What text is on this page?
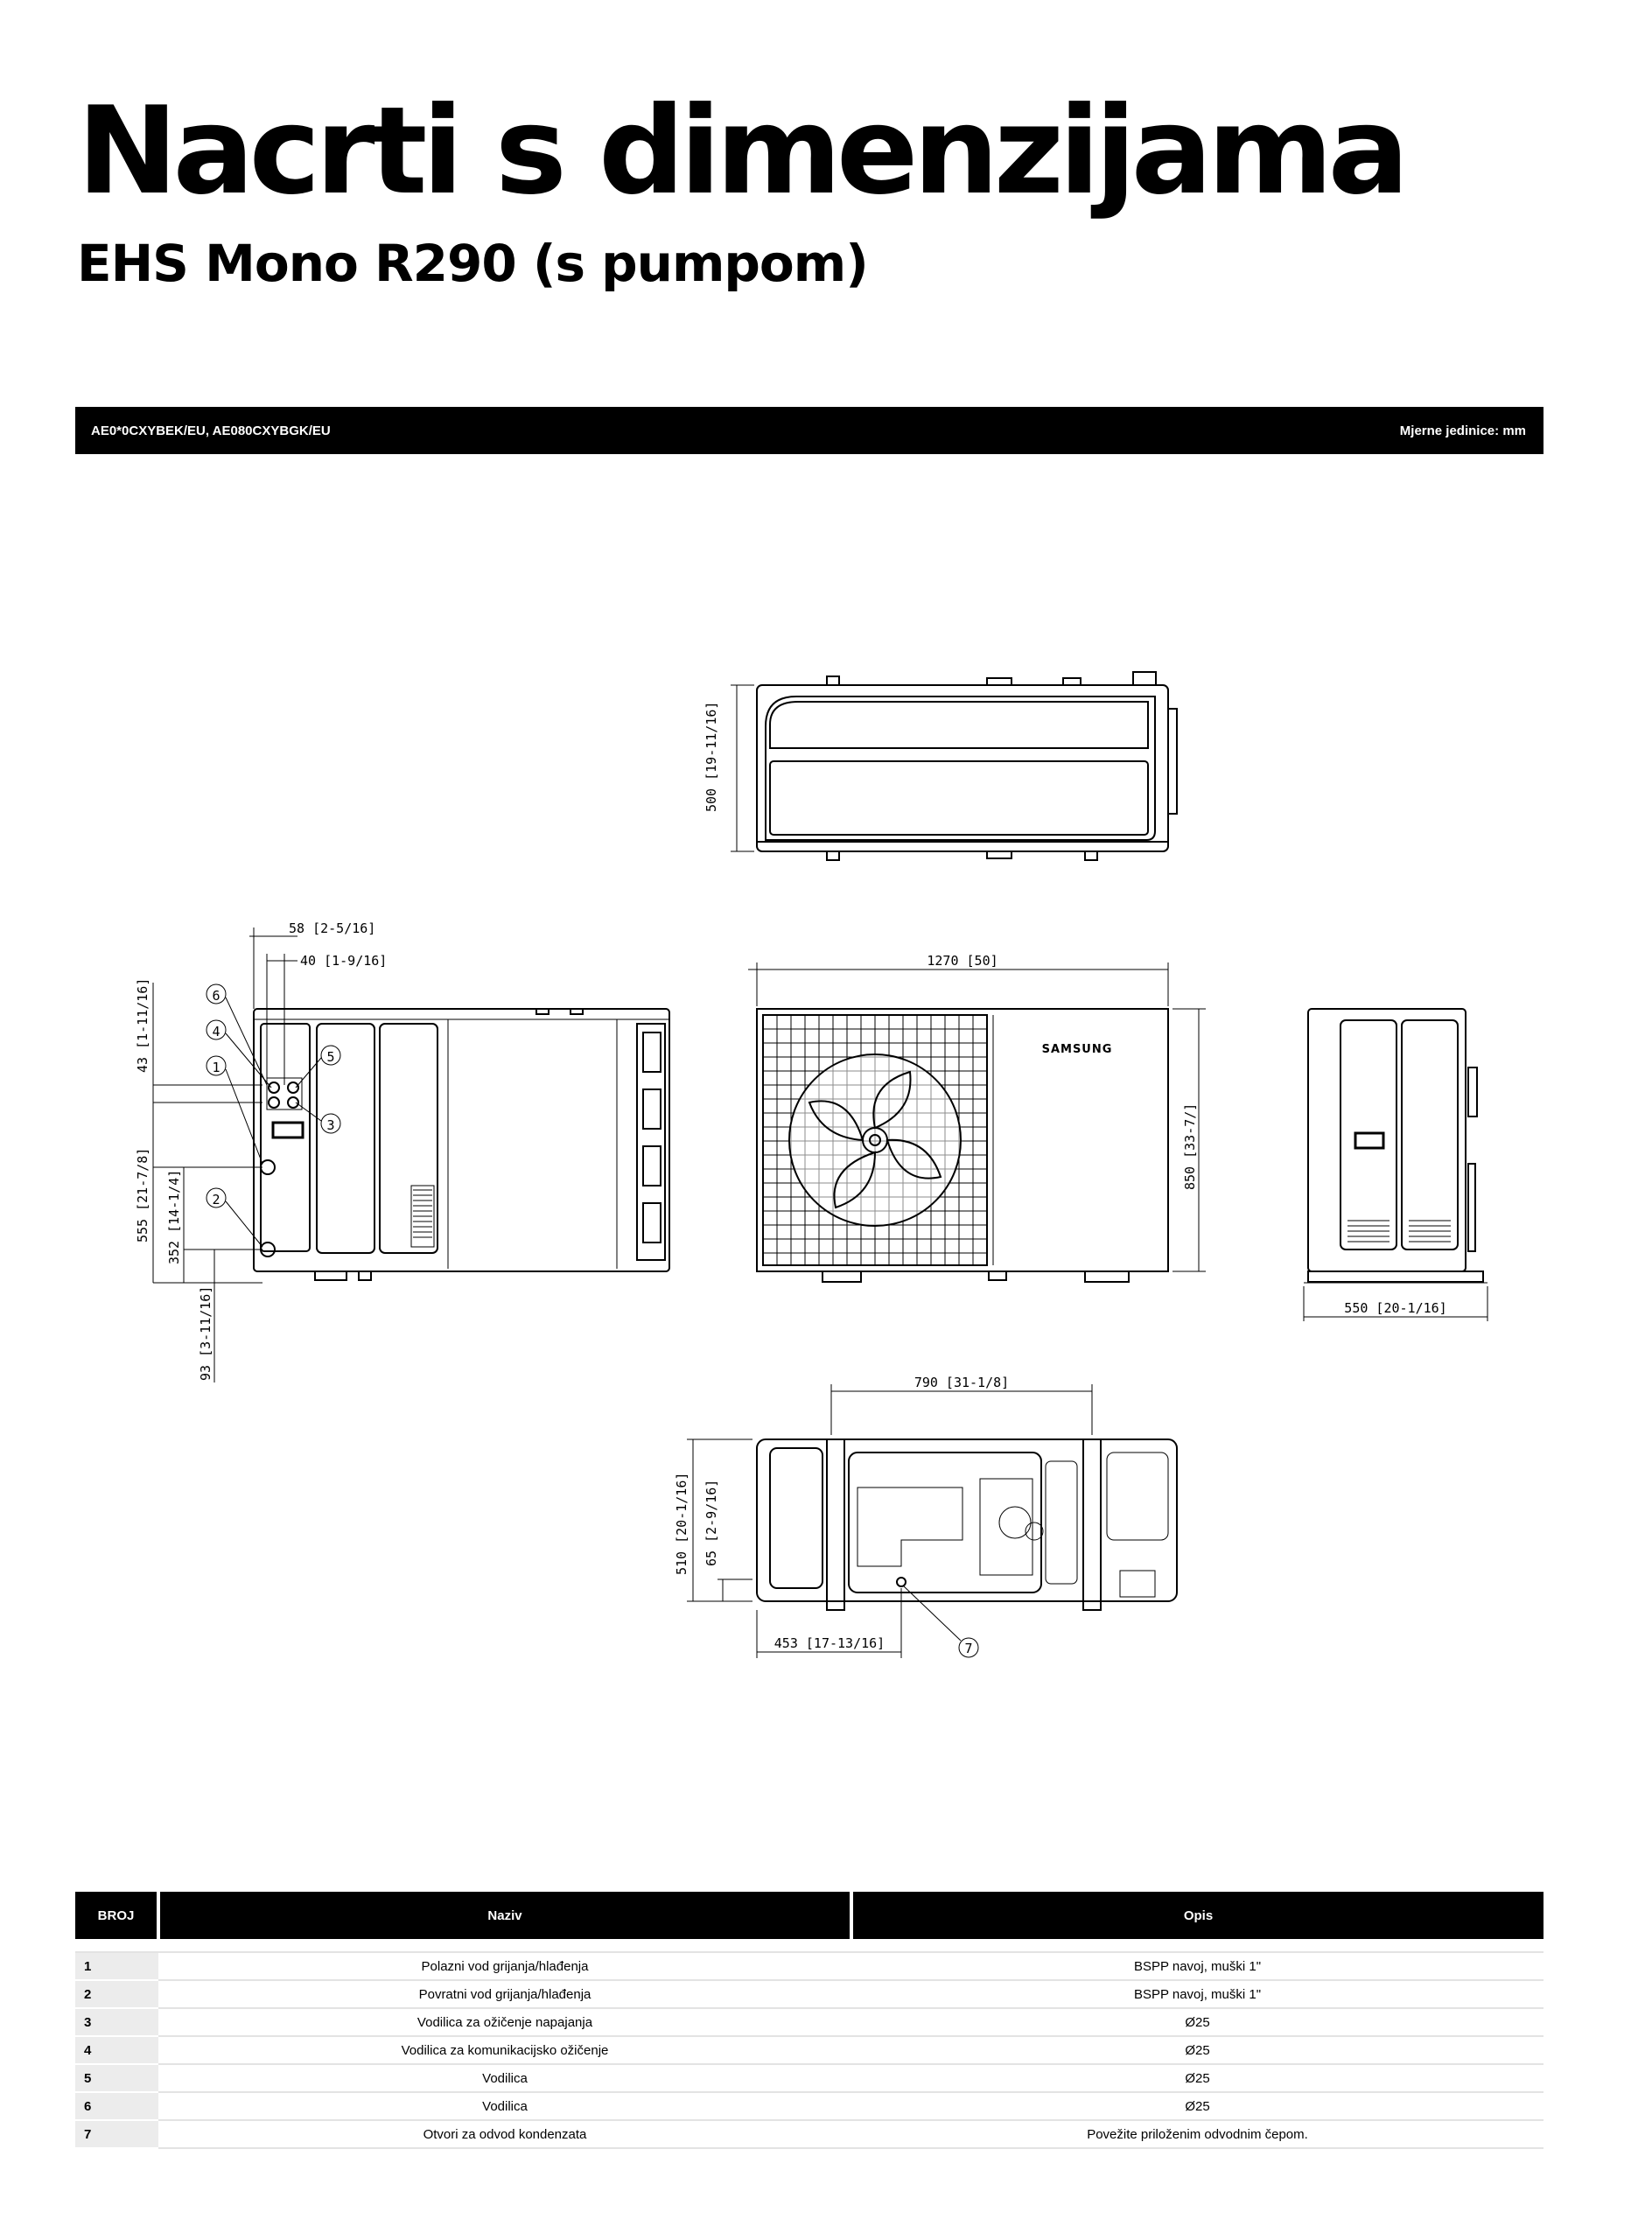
Nacrti s dimenzijama
EHS Mono R290 (s pumpom)
AE0*0CXYBEK/EU, AE080CXYBGK/EU	Mjerne jedinice: mm
500 [19-11/16]
1
2
3
4
5
6
58 [2-5/16]
40 [1-9/16]
43 [1-11/16]
555 [21-7/8] 352 [14-1/4]
93 [3-11/16]
1270 [50]
850 [33-7/]
SAMSUNG
550 [20-1/16]
790 [31-1/8]
510 [20-1/16] 65 [2-9/16]
453 [17-13/16]	7
BROJ	Naziv	Opis

1	Polazni vod grijanja/hlađenja	BSPP navoj, muški 1"
2	Povratni vod grijanja/hlađenja	BSPP navoj, muški 1"
3	Vodilica za ožičenje napajanja	Ø25
4	Vodilica za komunikacijsko ožičenje	Ø25
5	Vodilica	Ø25
6	Vodilica	Ø25
7	Otvori za odvod kondenzata	Povežite priloženim odvodnim čepom.
